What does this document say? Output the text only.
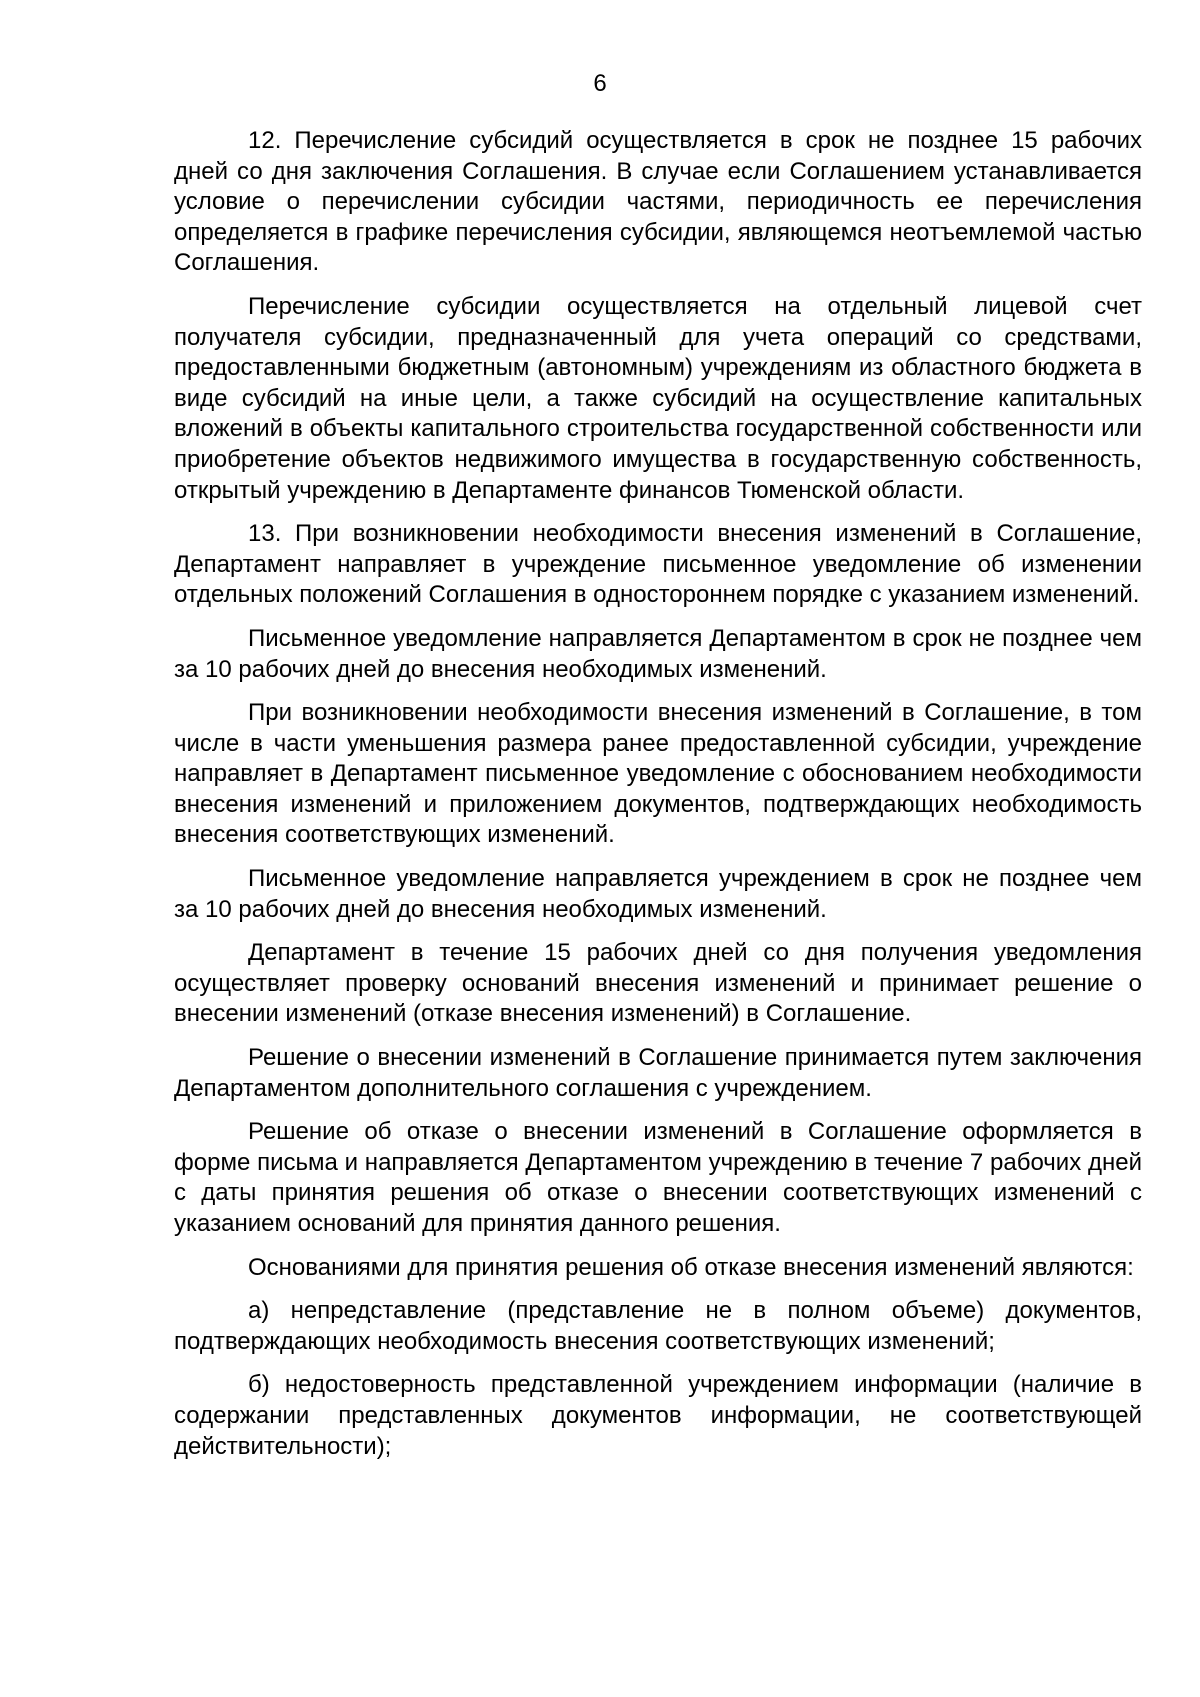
6

12. Перечисление субсидий осуществляется в срок не позднее 15 рабочих дней со дня заключения Соглашения. В случае если Соглашением устанавливается условие о перечислении субсидии частями, периодичность ее перечисления определяется в графике перечисления субсидии, являющемся неотъемлемой частью Соглашения.

Перечисление субсидии осуществляется на отдельный лицевой счет получателя субсидии, предназначенный для учета операций со средствами, предоставленными бюджетным (автономным) учреждениям из областного бюджета в виде субсидий на иные цели, а также субсидий на осуществление капитальных вложений в объекты капитального строительства государственной собственности или приобретение объектов недвижимого имущества в государственную собственность, открытый учреждению в Департаменте финансов Тюменской области.

13. При возникновении необходимости внесения изменений в Соглашение, Департамент направляет в учреждение письменное уведомление об изменении отдельных положений Соглашения в одностороннем порядке с указанием изменений.

Письменное уведомление направляется Департаментом в срок не позднее чем за 10 рабочих дней до внесения необходимых изменений.

При возникновении необходимости внесения изменений в Соглашение, в том числе в части уменьшения размера ранее предоставленной субсидии, учреждение направляет в Департамент письменное уведомление с обоснованием необходимости внесения изменений и приложением документов, подтверждающих необходимость внесения соответствующих изменений.

Письменное уведомление направляется учреждением в срок не позднее чем за 10 рабочих дней до внесения необходимых изменений.

Департамент в течение 15 рабочих дней со дня получения уведомления осуществляет проверку оснований внесения изменений и принимает решение о внесении изменений (отказе внесения изменений) в Соглашение.

Решение о внесении изменений в Соглашение принимается путем заключения Департаментом дополнительного соглашения с учреждением.

Решение об отказе о внесении изменений в Соглашение оформляется в форме письма и направляется Департаментом учреждению в течение 7 рабочих дней с даты принятия решения об отказе о внесении соответствующих изменений с указанием оснований для принятия данного решения.

Основаниями для принятия решения об отказе внесения изменений являются:

а) непредставление (представление не в полном объеме) документов, подтверждающих необходимость внесения соответствующих изменений;

б) недостоверность представленной учреждением информации (наличие в содержании представленных документов информации, не соответствующей действительности);
